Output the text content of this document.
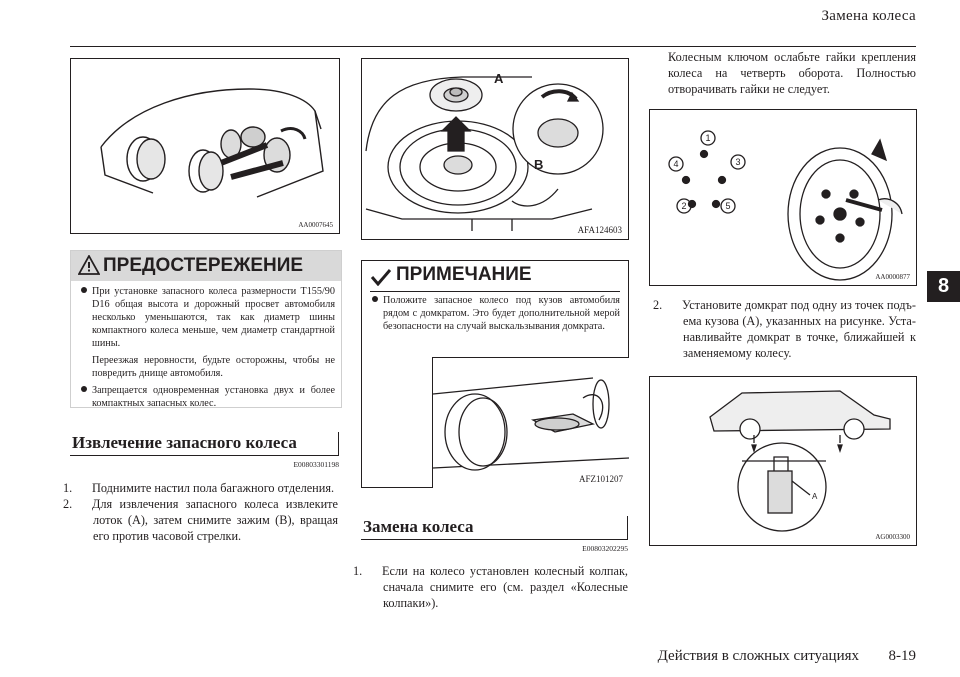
Замена колеса
8
AA0007645
ПРЕДОСТЕРЕЖЕНИЕ

При установке запасного колеса размерности T155/90 D16 общая высота и дорожный просвет автомобиля несколько уменьшаются, так как диаметр шины компактного колеса меньше, чем диаметр стандартной шины.

Переезжая неровности, будьте осторожны, чтобы не повредить днище автомобиля.

Запрещается одновременная установка двух и более компактных запасных колес.

Извлечение запасного колеса
E00803301198
1. Поднимите настил пола багажного отделения.
2. Для извлечения запасного колеса извлеките лоток (A), затем снимите зажим (B), вращая его против часовой стрелки.
A
B
AFA124603
ПРИМЕЧАНИЕ

Положите запасное колесо под кузов автомобиля рядом с домкратом. Это будет дополнительной мерой безопасности на случай выскальзывания домкрата.

AFZ101207
Замена колеса
E00803202295
1. Если на колесо установлен колесный колпак, сначала снимите его (см. раздел «Колесные колпаки»).
Колесным ключом ослабьте гайки крепления колеса на четверть оборота. Полностью отворачивать гайки не следует.
1
4	3
2	5
AA0000877
2. Установите домкрат под одну из точек подъема кузова (A), указанных на рисунке. Устанавливайте домкрат в точке, ближайшей к заменяемому колесу.
A
AG0003300
Действия в сложных ситуациях 8-19
